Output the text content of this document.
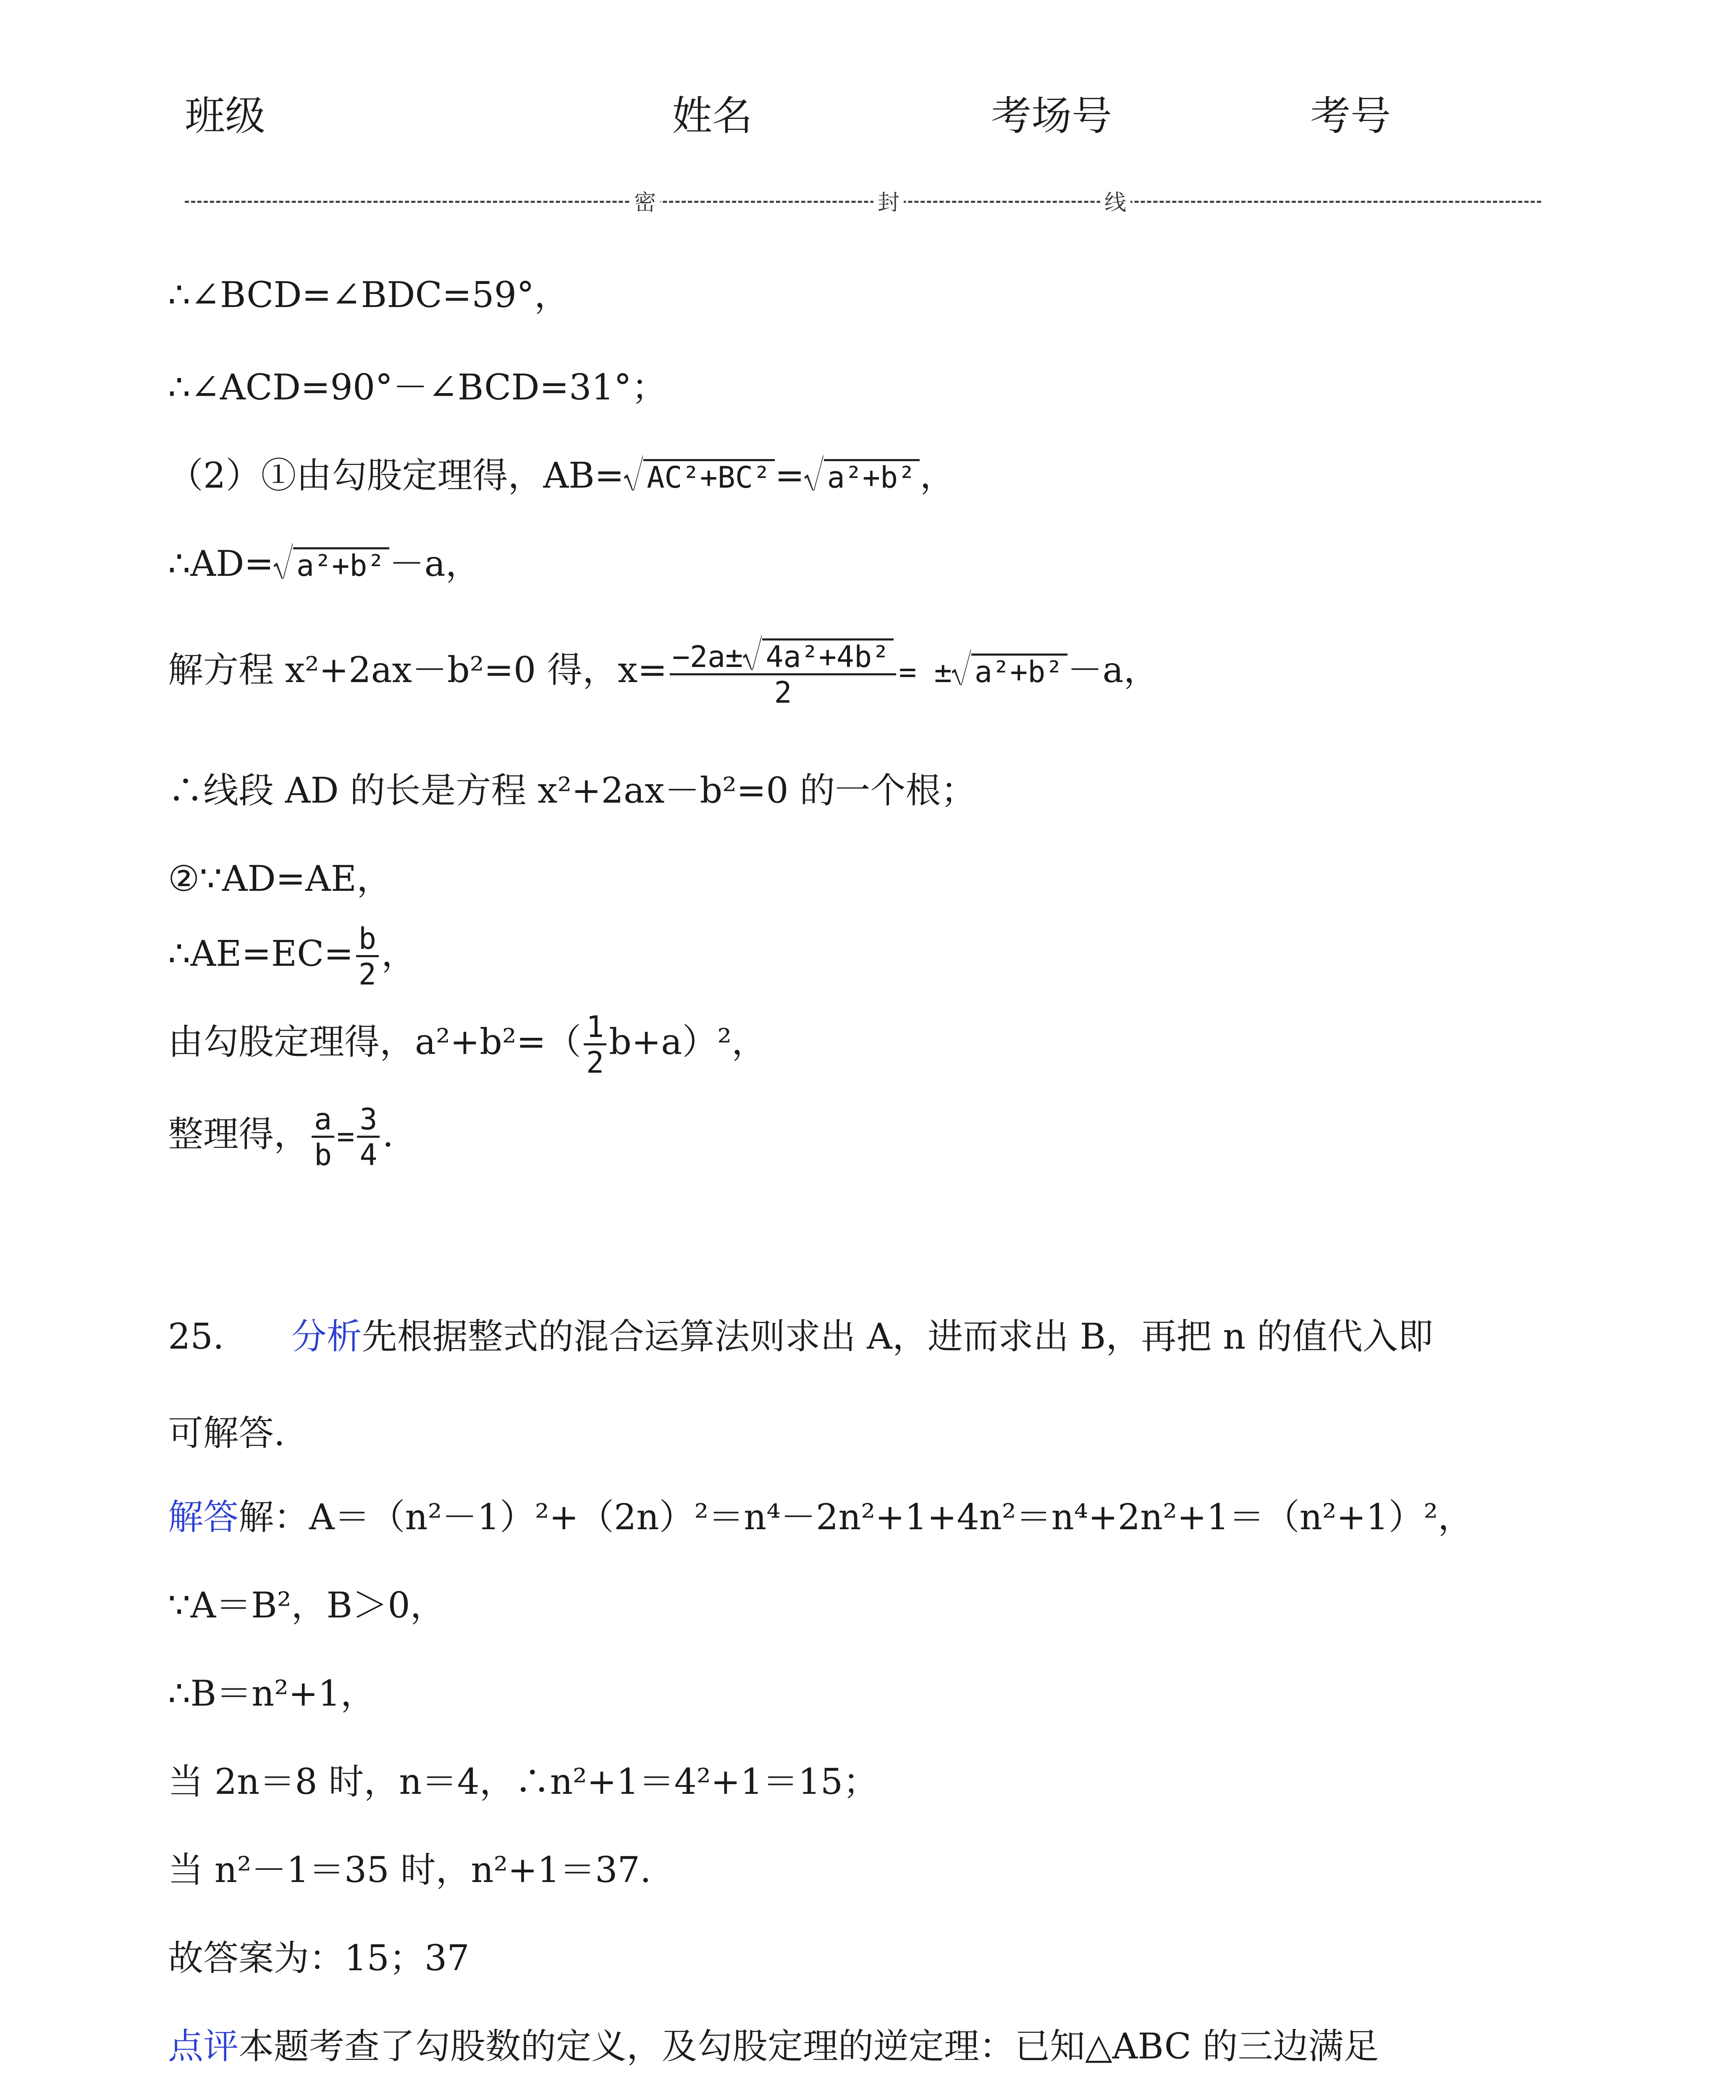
班级	姓名	考场号	考号
密	封	线
∴∠BCD=∠BDC=59°，
∴∠ACD=90°－∠BCD=31°；
（2）①由勾股定理得，AB= AC²+BC² = a²+b² ，
∴AD= a²+b² －a，
解方程 x²+2ax－b²=0 得，$x= \frac{\text{−2a± 4a²+4b²}}{2}$ = ± a²+b² －a，
∴线段 AD 的长是方程 x²+2ax－b²=0 的一个根；
②∵AD=AE，
∴AE=EC= $\frac{b}{2}$ ，
由勾股定理得，$a^2+b^2=( \frac{1}{2} b+a)^2$，
整理得， $\frac{a}{b} = \frac{3}{4}$ .
25. 分析先根据整式的混合运算法则求出 A，进而求出 B，再把 n 的值代入即
可解答.
解答解：A＝（n²－1）²+（2n）²＝n⁴－2n²+1+4n²＝n⁴+2n²+1＝（n²+1）²，
∵A＝B²，B＞0，
∴B＝n²+1，
当 2n＝8 时，n＝4，∴n²+1＝4²+1＝15；
当 n²－1＝35 时，n²+1＝37.
故答案为：15；37
点评本题考查了勾股数的定义，及勾股定理的逆定理：已知△ABC 的三边满足
